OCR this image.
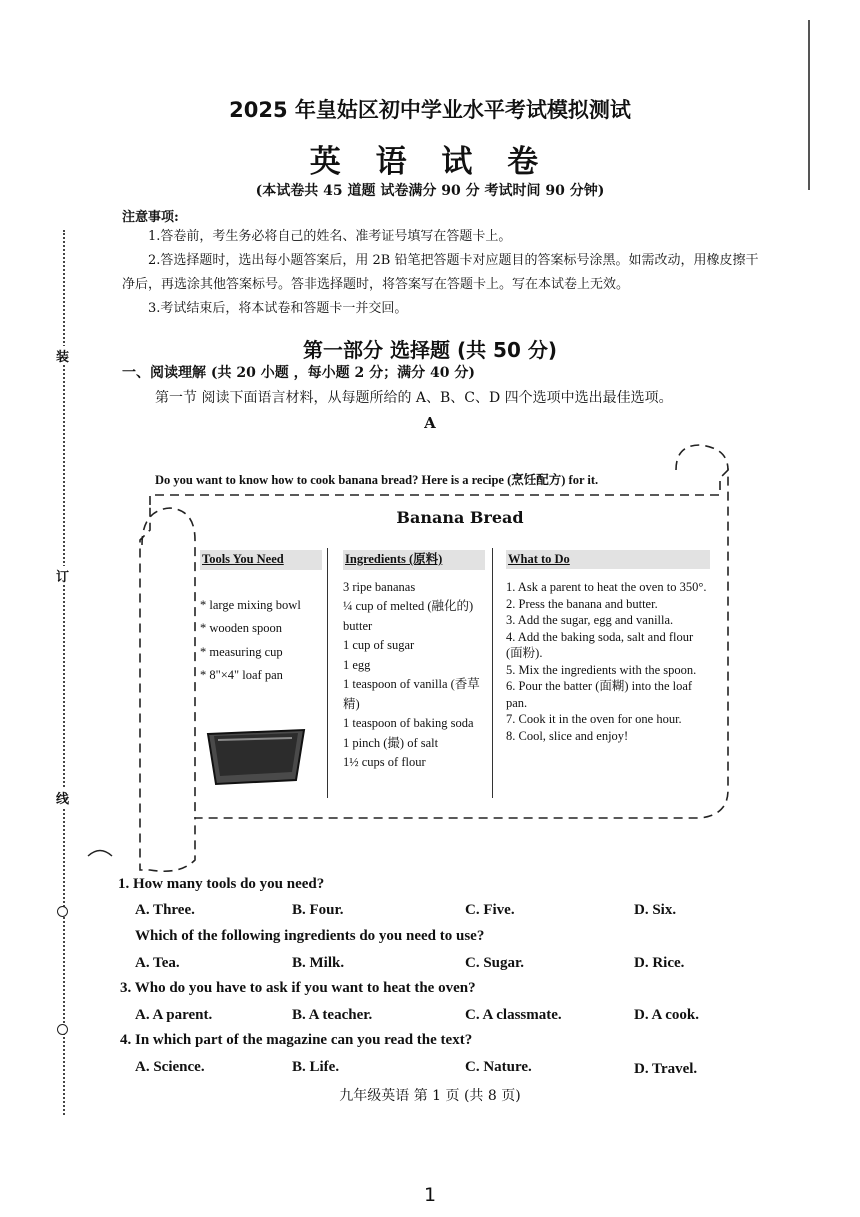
装
订
线
2025 年皇姑区初中学业水平考试模拟测试
英 语 试 卷
(本试卷共 45 道题 试卷满分 90 分 考试时间 90 分钟)
注意事项:
1.答卷前，考生务必将自己的姓名、准考证号填写在答题卡上。
2.答选择题时，选出每小题答案后，用 2B 铅笔把答题卡对应题目的答案标号涂黑。如需改动，用橡皮擦干
净后，再选涂其他答案标号。答非选择题时，将答案写在答题卡上。写在本试卷上无效。
3.考试结束后，将本试卷和答题卡一并交回。
第一部分 选择题 (共 50 分)
一、阅读理解 (共 20 小题 ，每小题 2 分；满分 40 分)
第一节 阅读下面语言材料，从每题所给的 A、B、C、D 四个选项中选出最佳选项。
A
Do you want to know how to cook banana bread? Here is a recipe (烹饪配方) for it.
Banana Bread
Tools You Need
* large mixing bowl
* wooden spoon
* measuring cup
* 8"×4" loaf pan
Ingredients (原料)
3 ripe bananas
¼ cup of melted (融化的) butter
1 cup of sugar
1 egg
1 teaspoon of vanilla (香草精)
1 teaspoon of baking soda
1 pinch (撮) of salt
1½ cups of flour
What to Do
1. Ask a parent to heat the oven to 350°.
2. Press the banana and butter.
3. Add the sugar, egg and vanilla.
4. Add the baking soda, salt and flour (面粉).
5. Mix the ingredients with the spoon.
6. Pour the batter (面糊) into the loaf pan.
7. Cook it in the oven for one hour.
8. Cool, slice and enjoy!
1. How many tools do you need?
A. Three.	B. Four.	C. Five.	D. Six.
Which of the following ingredients do you need to use?
A. Tea.	B. Milk.	C. Sugar.	D. Rice.
3. Who do you have to ask if you want to heat the oven?
A. A parent.	B. A teacher.	C. A classmate.	D. A cook.
4. In which part of the magazine can you read the text?
A. Science.	B. Life.	C. Nature.	D. Travel.
九年级英语 第 1 页 (共 8 页)
1
